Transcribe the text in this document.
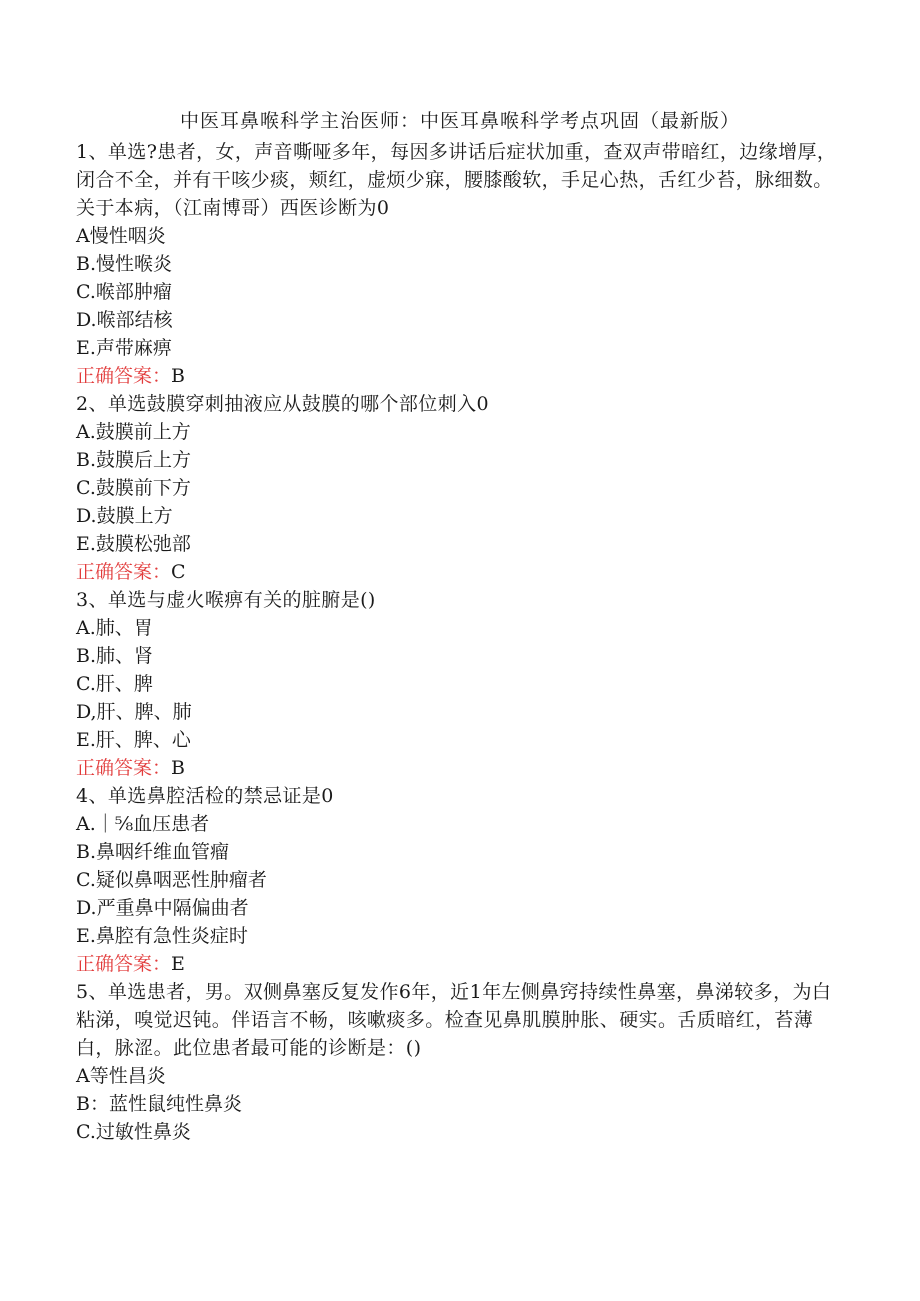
中医耳鼻喉科学主治医师：中医耳鼻喉科学考点巩固（最新版）

1、单选?患者，女，声音嘶哑多年，每因多讲话后症状加重，查双声带暗红，边缘增厚，闭合不全，并有干咳少痰，颊红，虚烦少寐，腰膝酸软，手足心热，舌红少苔，脉细数。

关于本病，（江南博哥）西医诊断为0

A慢性咽炎

B.慢性喉炎

C.喉部肿瘤

D.喉部结核

E.声带麻痹

正确答案：B

2、单选鼓膜穿刺抽液应从鼓膜的哪个部位刺入0

A.鼓膜前上方

B.鼓膜后上方

C.鼓膜前下方

D.鼓膜上方

E.鼓膜松弛部

正确答案：C

3、单选与虚火喉痹有关的脏腑是()

A.肺、胃

B.肺、肾

C.肝、脾

D,肝、脾、肺

E.肝、脾、心

正确答案：B

4、单选鼻腔活检的禁忌证是0

A.｜⅝血压患者

B.鼻咽纤维血管瘤

C.疑似鼻咽恶性肿瘤者

D.严重鼻中隔偏曲者

E.鼻腔有急性炎症时

正确答案：E

5、单选患者，男。双侧鼻塞反复发作6年，近1年左侧鼻窍持续性鼻塞，鼻涕较多，为白粘涕，嗅觉迟钝。伴语言不畅，咳嗽痰多。检查见鼻肌膜肿胀、硬实。舌质暗红，苔薄白，脉涩。此位患者最可能的诊断是：()

A等性昌炎

B：蓝性鼠纯性鼻炎

C.过敏性鼻炎
